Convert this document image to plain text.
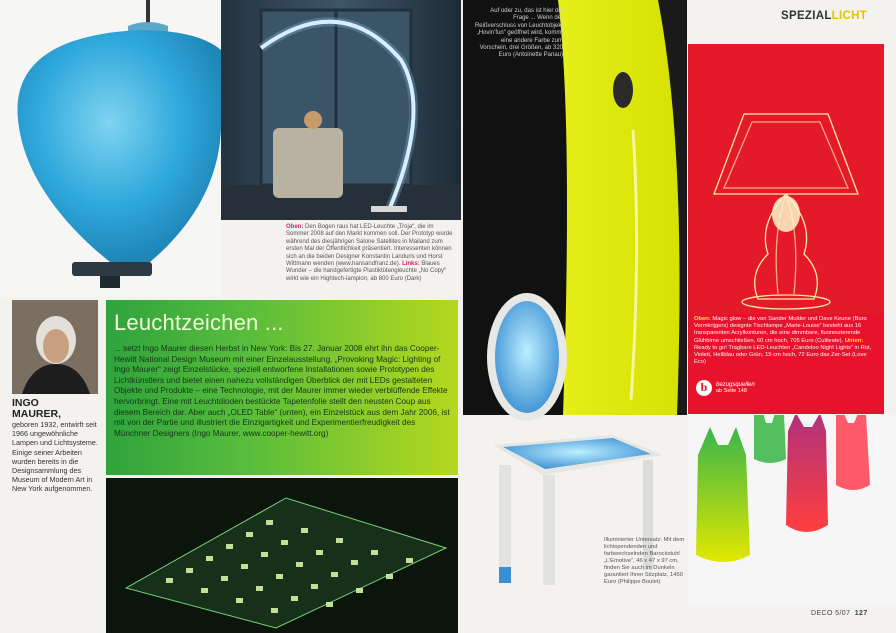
Oben: Den Bogen raus hat LED-Leuchte „Troja“, die im Sommer 2008 auf den Markt kommen soll. Der Prototyp wurde während des diesjährigen Salone Satellites in Mailand zum ersten Mal der Öffentlichkeit präsentiert. Interessenten können sich an die beiden Designer Konstantin Landuris und Horst Wittmann wenden (www.hansandfranz.de). Links: Blaues Wunder – die handgefertigte Plastiktütengleuchte „No Copy“ wirkt wie ein Hightech-lampion, ab 800 Euro (Dark)
INGO
MAURER,
geboren 1932, entwirft seit 1966 ungewöhnliche Lampen und Lichtsysteme. Einige seiner Arbeiten wurden bereits in die Designsammlung des Museum of Modern Art in New York aufgenommen.
Leuchtzeichen ...
... setzt Ingo Maurer diesen Herbst in New York: Bis 27. Januar 2008 ehrt ihn das Cooper-Hewitt National Design Museum mit einer Einzelausstellung. „Provoking Magic: Lighting of Ingo Maurer“ zeigt Einzelstücke, speziell entworfene Installationen sowie Prototypen des Lichtkünstlers und bietet einen nahezu vollständigen Überblick der mit LEDs gestalteten Objekte und Produkte – eine Technologie, mit der Maurer immer wieder verblüffende Effekte hervorbringt. Eine mit Leuchtdioden bestückte Tapetenfolie stellt den neusten Coup aus diesem Bereich dar. Aber auch „OLED Table“ (unten), ein Einzelstück aus dem Jahr 2006, ist mit von der Partie und illustriert die Einzigartigkeit und Experimentierfreudigkeit des Münchner Designers (Ingo Maurer, www.cooper-hewitt.org)
Auf oder zu, das ist hier die Frage ... Wenn der Reißverschluss von Leuchtobjekt „Hovin’fun“ geöffnet wird, kommt eine andere Farbe zum Vorschein, drei Größen, ab 320 Euro (Antoinette Panau)
SPEZIALLICHT
Oben: Magic glow – die von Sander Mulder und Dave Keune (Buro Vormkrijgers) designte Tischlampe „Marie-Louise“ besteht aus 16 transparenten Acrylkonturen, die eine dimmbare, fluoreszierende Glühbirne umschließen, 60 cm hoch, 705 Euro (Cultivate). Unten: Ready to go! Tragbare LED-Leuchten „Candeloo Night Lights“ in Rot, Violett, Hellblau oder Grün, 15 cm hoch, 72 Euro das Zer-Set (Love Eco)
b	bezugsquellen
ab Seite 148
Illuminierter Untersatz: Mit dem lichtspendenden und farbwechselnden Barockstuhl „L’Emotive“, 46 x 47 x 97 cm, finden Sie auch im Dunkeln garantiert Ihren Sitzplatz, 1450 Euro (Philippe Boulet)
DECO 5/07 127
